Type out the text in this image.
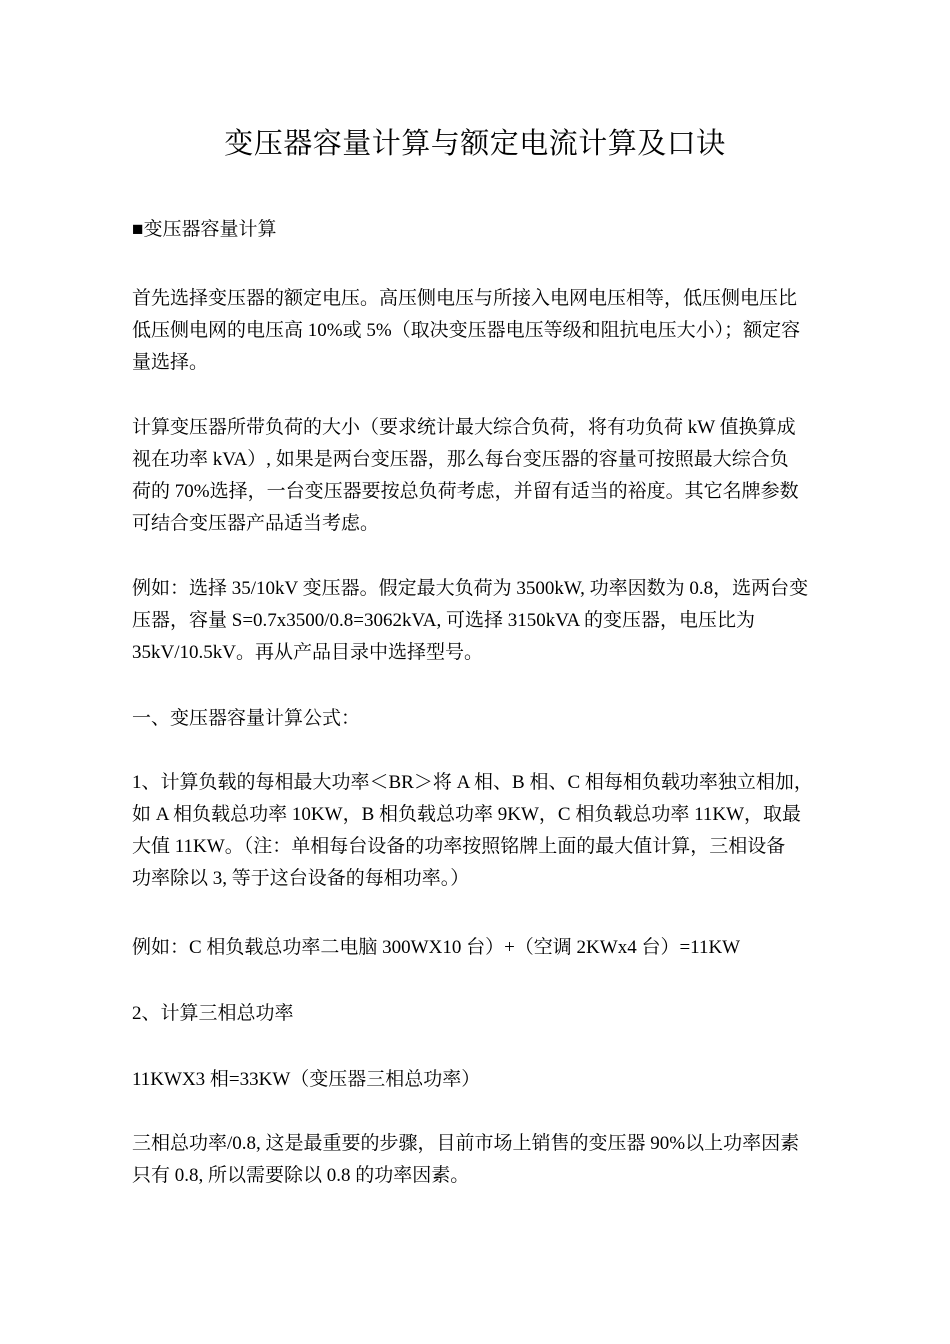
变压器容量计算与额定电流计算及口诀

■变压器容量计算

首先选择变压器的额定电压。高压侧电压与所接入电网电压相等，低压侧电压比
低压侧电网的电压高 10%或 5%（取决变压器电压等级和阻抗电压大小）；额定容
量选择。

计算变压器所带负荷的大小（要求统计最大综合负荷，将有功负荷 kW 值换算成
视在功率 kVA）, 如果是两台变压器，那么每台变压器的容量可按照最大综合负
荷的 70%选择，一台变压器要按总负荷考虑，并留有适当的裕度。其它名牌参数
可结合变压器产品适当考虑。

例如：选择 35/10kV 变压器。假定最大负荷为 3500kW, 功率因数为 0.8，选两台变
压器，容量 S=0.7x3500/0.8=3062kVA, 可选择 3150kVA 的变压器，电压比为
35kV/10.5kV。再从产品目录中选择型号。

一、变压器容量计算公式：

1、计算负载的每相最大功率＜BR＞将 A 相、B 相、C 相每相负载功率独立相加，
如 A 相负载总功率 10KW，B 相负载总功率 9KW，C 相负载总功率 11KW，取最
大值 11KW。（注：单相每台设备的功率按照铭牌上面的最大值计算，三相设备
功率除以 3, 等于这台设备的每相功率。）

例如：C 相负载总功率二电脑 300WX10 台）+（空调 2KWx4 台）=11KW

2、计算三相总功率

11KWX3 相=33KW（变压器三相总功率）

三相总功率/0.8, 这是最重要的步骤，目前市场上销售的变压器 90%以上功率因素
只有 0.8, 所以需要除以 0.8 的功率因素。
